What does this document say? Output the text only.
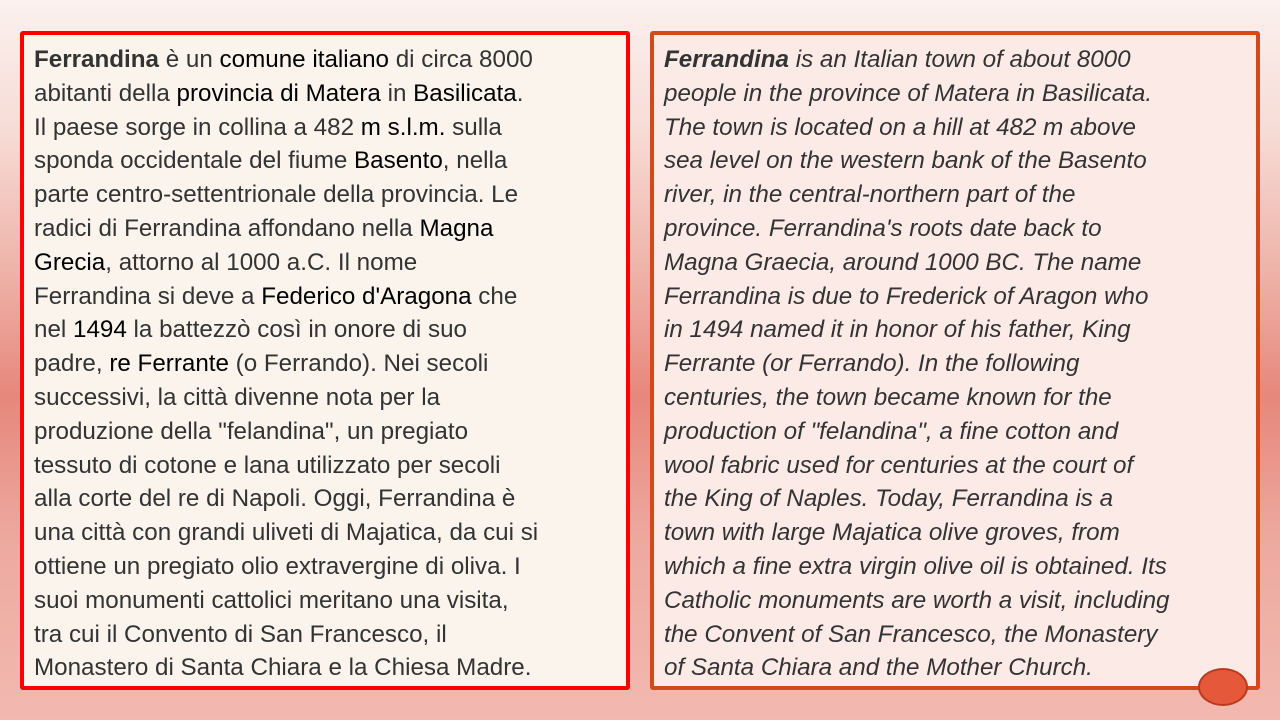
Ferrandina è un comune italiano di circa 8000
abitanti della provincia di Matera in Basilicata.
Il paese sorge in collina a 482 m s.l.m. sulla
sponda occidentale del fiume Basento, nella
parte centro-settentrionale della provincia. Le
radici di Ferrandina affondano nella Magna
Grecia, attorno al 1000 a.C. Il nome
Ferrandina si deve a Federico d'Aragona che
nel 1494 la battezzò così in onore di suo
padre, re Ferrante (o Ferrando). Nei secoli
successivi, la città divenne nota per la
produzione della "felandina", un pregiato
tessuto di cotone e lana utilizzato per secoli
alla corte del re di Napoli. Oggi, Ferrandina è
una città con grandi uliveti di Majatica, da cui si
ottiene un pregiato olio extravergine di oliva. I
suoi monumenti cattolici meritano una visita,
tra cui il Convento di San Francesco, il
Monastero di Santa Chiara e la Chiesa Madre.
Ferrandina is an Italian town of about 8000
people in the province of Matera in Basilicata.
The town is located on a hill at 482 m above
sea level on the western bank of the Basento
river, in the central-northern part of the
province. Ferrandina's roots date back to
Magna Graecia, around 1000 BC. The name
Ferrandina is due to Frederick of Aragon who
in 1494 named it in honor of his father, King
Ferrante (or Ferrando). In the following
centuries, the town became known for the
production of "felandina", a fine cotton and
wool fabric used for centuries at the court of
the King of Naples. Today, Ferrandina is a
town with large Majatica olive groves, from
which a fine extra virgin olive oil is obtained. Its
Catholic monuments are worth a visit, including
the Convent of San Francesco, the Monastery
of Santa Chiara and the Mother Church.
